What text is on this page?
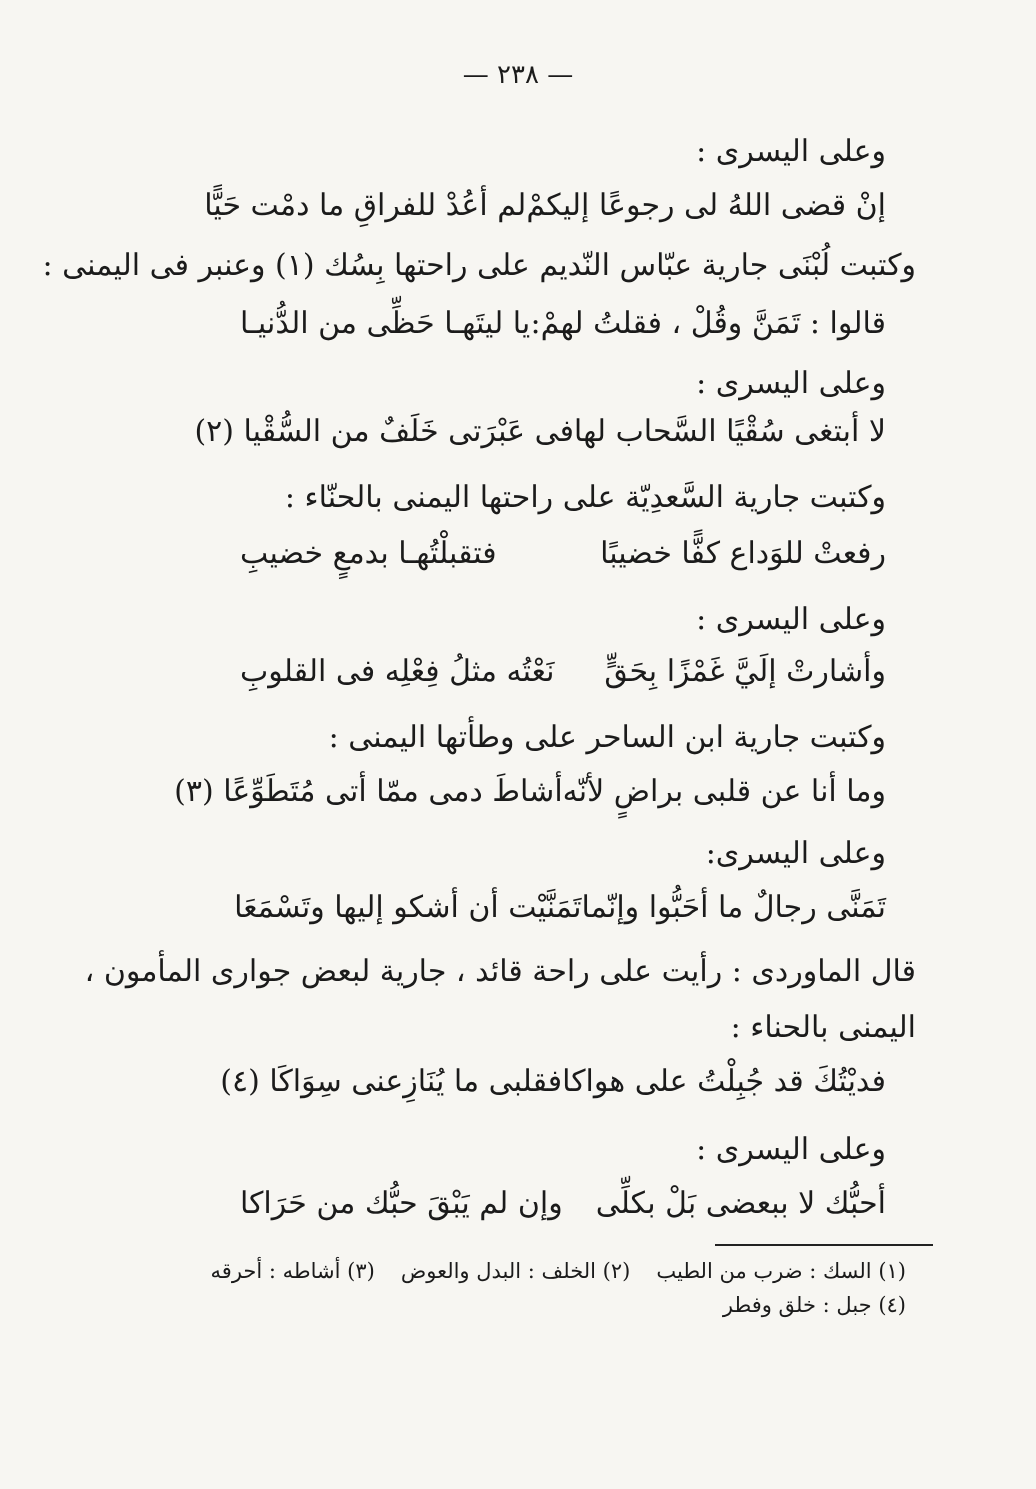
— ٢٣٨ —
وعلى اليسرى :
إنْ قضى اللهُ لى رجوعًا إليكمْ
لم أعُدْ للفراقِ ما دمْت حَيًّا
وكتبت لُبْنَى جارية عبّاس النّديم على راحتها بِسُك (١) وعنبر فى اليمنى :
قالوا : تَمَنَّ وقُلْ ، فقلتُ لهمْ:
يا ليتَهـا حَظِّى من الدُّنيـا
وعلى اليسرى :
لا أبتغى سُقْيًا السَّحاب لها
فى عَبْرَتى خَلَفٌ من السُّقْيا (٢)
وكتبت جارية السَّعدِيّة على راحتها اليمنى بالحنّاء :
رفعتْ للوَداع كفًّا خضيبًا
فتقبلْتُهـا بدمعٍ خضيبِ
وعلى اليسرى :
وأشارتْ إلَيَّ غَمْزًا بِحَقٍّ
نَعْتُه مثلُ فِعْلِه فى القلوبِ
وكتبت جارية ابن الساحر على وطأتها اليمنى :
وما أنا عن قلبى براضٍ لأنّه
أشاطَ دمى ممّا أتى مُتَطَوِّعًا (٣)
وعلى اليسرى:
تَمَنَّى رجالٌ ما أحَبُّوا وإنّما
تَمَنَّيْت أن أشكو إليها وتَسْمَعَا
قال الماوردى : رأيت على راحة قائد ، جارية لبعض جوارى المأمون ،
اليمنى بالحناء :
فديْتُكَ قد جُبِلْتُ على هواكا
فقلبى ما يُنَازِعنى سِوَاكَا (٤)
وعلى اليسرى :
أحبُّك لا ببعضى بَلْ بكلِّى
وإن لم يَبْقَ حبُّك من حَرَاكا
(١) السك : ضرب من الطيب(٢) الخلف : البدل والعوض(٣) أشاطه : أحرقه
(٤) جبل : خلق وفطر
